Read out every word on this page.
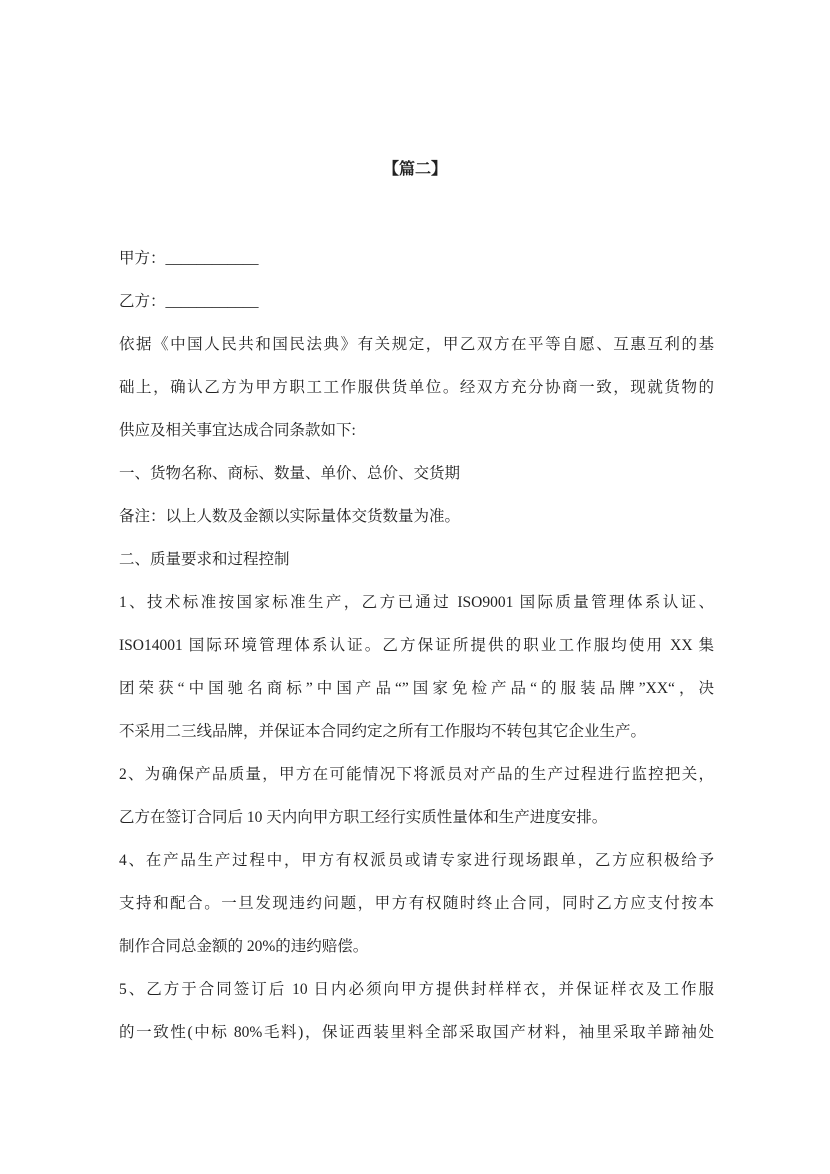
【篇二】
甲方：____________
乙方：____________
依据《中国人民共和国民法典》有关规定，甲乙双方在平等自愿、互惠互利的基
础上，确认乙方为甲方职工工作服供货单位。经双方充分协商一致，现就货物的
供应及相关事宜达成合同条款如下:
一、货物名称、商标、数量、单价、总价、交货期
备注：以上人数及金额以实际量体交货数量为准。
二、质量要求和过程控制
1、技术标准按国家标准生产，乙方已通过 ISO9001 国际质量管理体系认证、
ISO14001 国际环境管理体系认证。乙方保证所提供的职业工作服均使用 XX 集
团荣获“中国驰名商标”中国产品“”国家免检产品“的服装品牌”XX“，决
不采用二三线品牌，并保证本合同约定之所有工作服均不转包其它企业生产。
2、为确保产品质量，甲方在可能情况下将派员对产品的生产过程进行监控把关，
乙方在签订合同后 10 天内向甲方职工经行实质性量体和生产进度安排。
4、在产品生产过程中，甲方有权派员或请专家进行现场跟单，乙方应积极给予
支持和配合。一旦发现违约问题，甲方有权随时终止合同，同时乙方应支付按本
制作合同总金额的 20%的违约赔偿。
5、乙方于合同签订后 10 日内必须向甲方提供封样样衣，并保证样衣及工作服
的一致性(中标 80%毛料)，保证西装里料全部采取国产材料，袖里采取羊蹄袖处
